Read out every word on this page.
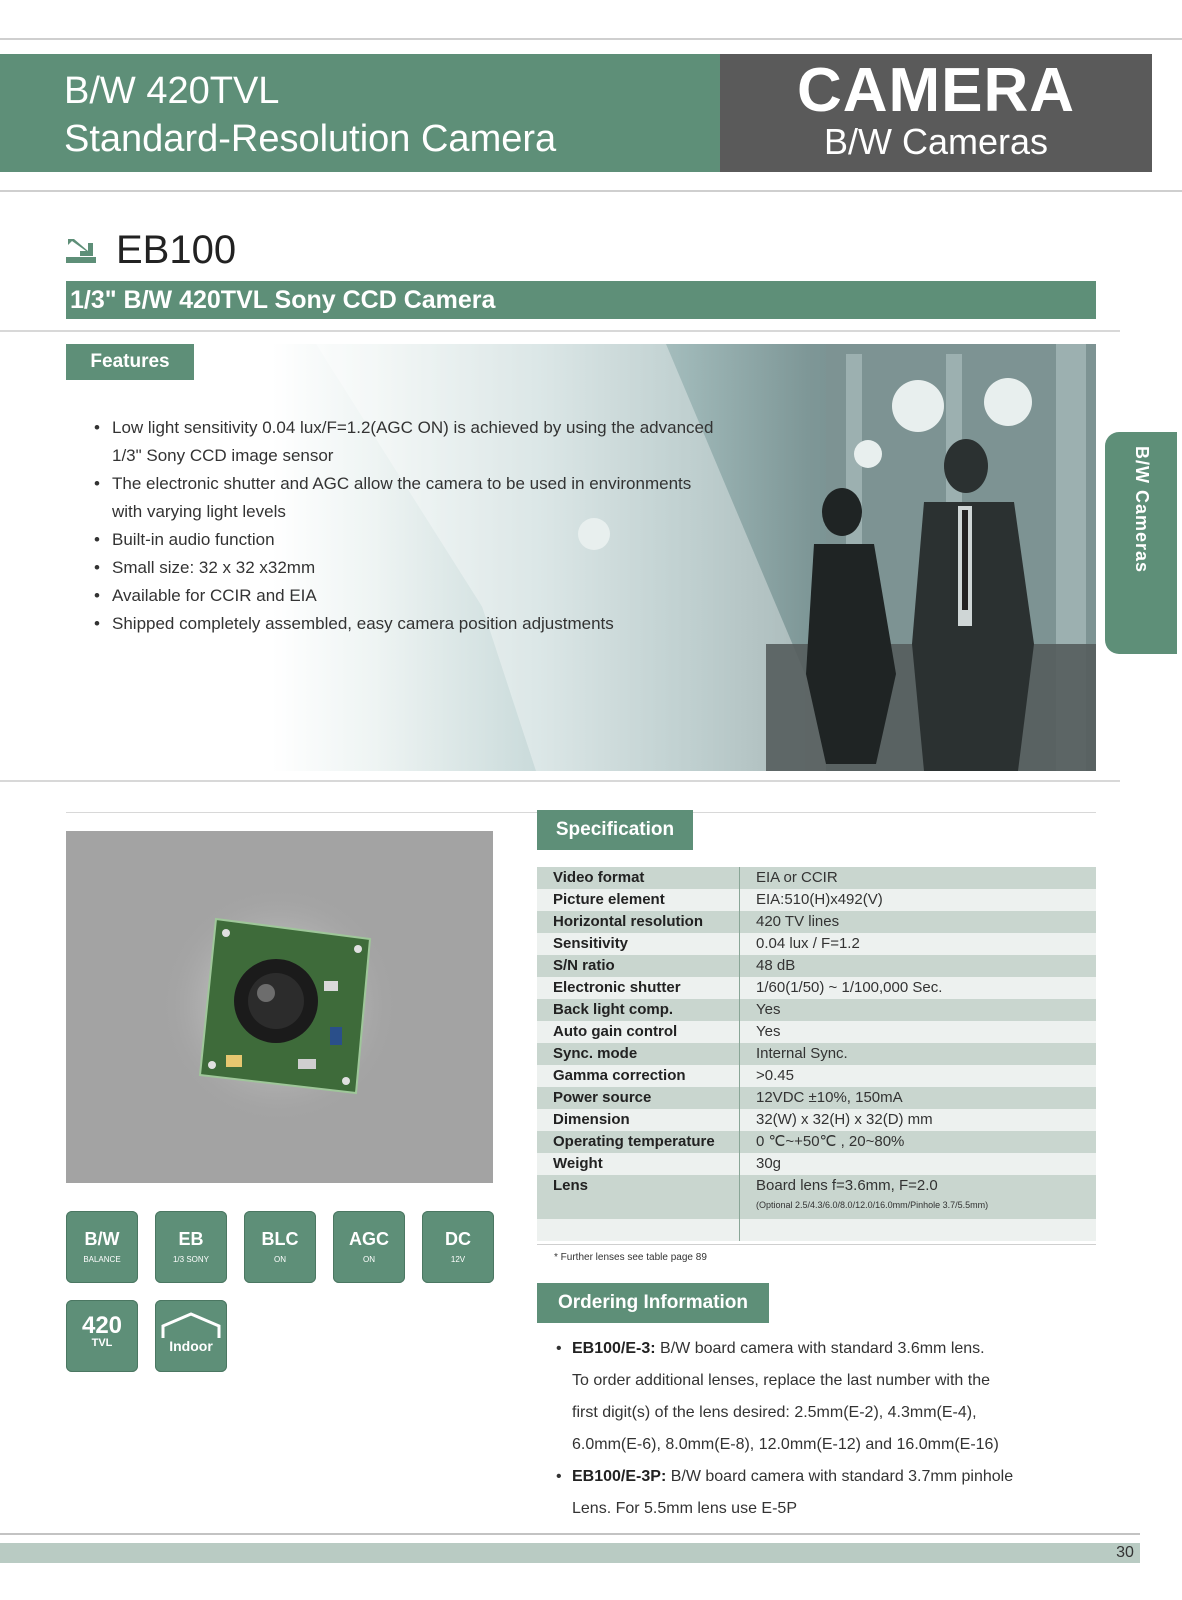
B/W 420TVL
Standard-Resolution Camera
CAMERA
B/W Cameras
EB100
1/3" B/W 420TVL Sony CCD Camera
Features
• Low light sensitivity 0.04 lux/F=1.2(AGC ON) is achieved by using the advanced
1/3" Sony CCD image sensor
• The electronic shutter and AGC allow the camera to be used in environments
with varying light levels
• Built-in audio function
• Small size: 32 x 32 x32mm
• Available for CCIR and EIA
• Shipped completely assembled, easy camera position adjustments
B/W Cameras
B/W
BALANCE
EB
1/3 SONY
BLC
ON
AGC
ON
DC
12V
420
TVL	Indoor
Specification
Video format	EIA or CCIR
Picture element	EIA:510(H)x492(V)
Horizontal resolution	420 TV lines
Sensitivity	0.04 lux / F=1.2
S/N ratio	48 dB
Electronic shutter	1/60(1/50) ~ 1/100,000 Sec.
Back light comp.	Yes
Auto gain control	Yes
Sync. mode	Internal Sync.
Gamma correction	>0.45
Power source	12VDC ±10%, 150mA
Dimension	32(W) x 32(H) x 32(D) mm
Operating temperature	0 ℃~+50℃ , 20~80%
Weight	30g
Lens	Board lens f=3.6mm, F=2.0
(Optional 2.5/4.3/6.0/8.0/12.0/16.0mm/Pinhole 3.7/5.5mm)

* Further lenses see table page 89
Ordering Information
• EB100/E-3: B/W board camera with standard 3.6mm lens.
To order additional lenses, replace the last number with the
first digit(s) of the lens desired: 2.5mm(E-2), 4.3mm(E-4),
6.0mm(E-6), 8.0mm(E-8), 12.0mm(E-12) and 16.0mm(E-16)
• EB100/E-3P: B/W board camera with standard 3.7mm pinhole
Lens. For 5.5mm lens use E-5P
30
